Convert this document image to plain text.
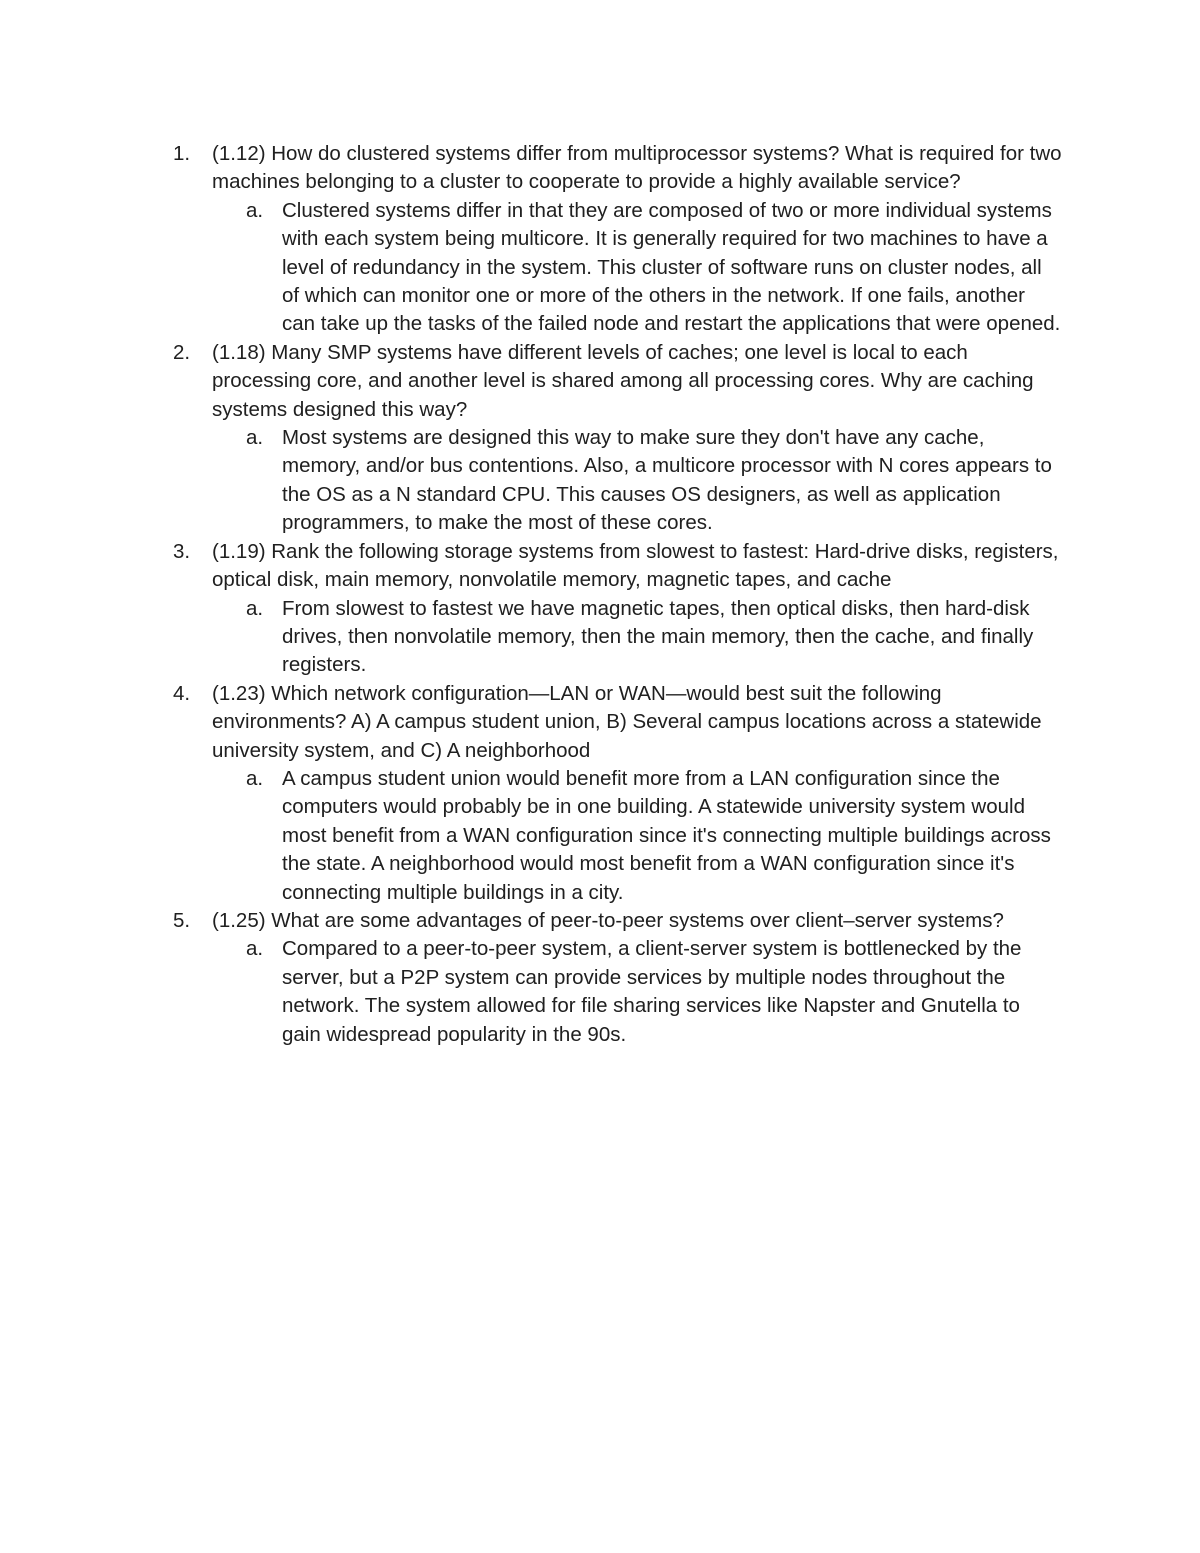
1.	(1.12) How do clustered systems differ from multiprocessor systems? What is required for two machines belonging to a cluster to cooperate to provide a highly available service?
a. Clustered systems differ in that they are composed of two or more individual systems with each system being multicore. It is generally required for two machines to have a level of redundancy in the system. This cluster of software runs on cluster nodes, all of which can monitor one or more of the others in the network. If one fails, another can take up the tasks of the failed node and restart the applications that were opened.
2.	(1.18) Many SMP systems have different levels of caches; one level is local to each processing core, and another level is shared among all processing cores. Why are caching systems designed this way?
a. Most systems are designed this way to make sure they don't have any cache, memory, and/or bus contentions. Also, a multicore processor with N cores appears to the OS as a N standard CPU. This causes OS designers, as well as application programmers, to make the most of these cores.
3.	(1.19) Rank the following storage systems from slowest to fastest: Hard-drive disks, registers, optical disk, main memory, nonvolatile memory, magnetic tapes, and cache
a. From slowest to fastest we have magnetic tapes, then optical disks, then hard-disk drives, then nonvolatile memory, then the main memory, then the cache, and finally registers.
4.	(1.23) Which network configuration—LAN or WAN—would best suit the following environments? A) A campus student union, B) Several campus locations across a statewide university system, and C) A neighborhood
a. A campus student union would benefit more from a LAN configuration since the computers would probably be in one building. A statewide university system would most benefit from a WAN configuration since it's connecting multiple buildings across the state. A neighborhood would most benefit from a WAN configuration since it's connecting multiple buildings in a city.
5.	(1.25) What are some advantages of peer-to-peer systems over client–server systems?
a. Compared to a peer-to-peer system, a client-server system is bottlenecked by the server, but a P2P system can provide services by multiple nodes throughout the network. The system allowed for file sharing services like Napster and Gnutella to gain widespread popularity in the 90s.
